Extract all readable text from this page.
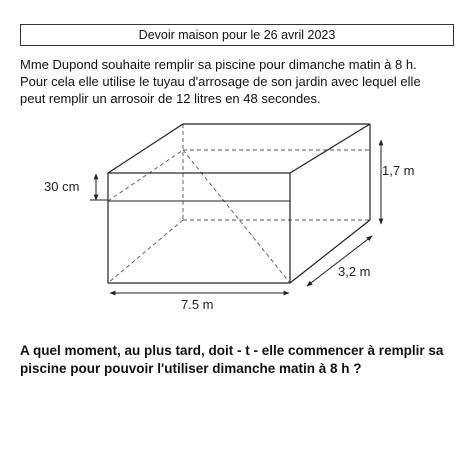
Devoir maison pour le 26 avril 2023
Mme Dupond souhaite remplir sa piscine pour dimanche matin à 8 h.
Pour cela elle utilise le tuyau d'arrosage de son jardin avec lequel elle
peut remplir un arrosoir de 12 litres en 48 secondes.
1,7 m
30 cm
3,2 m
7.5 m
A quel moment, au plus tard, doit - t - elle commencer à remplir sa
piscine pour pouvoir l'utiliser dimanche matin à 8 h ?
